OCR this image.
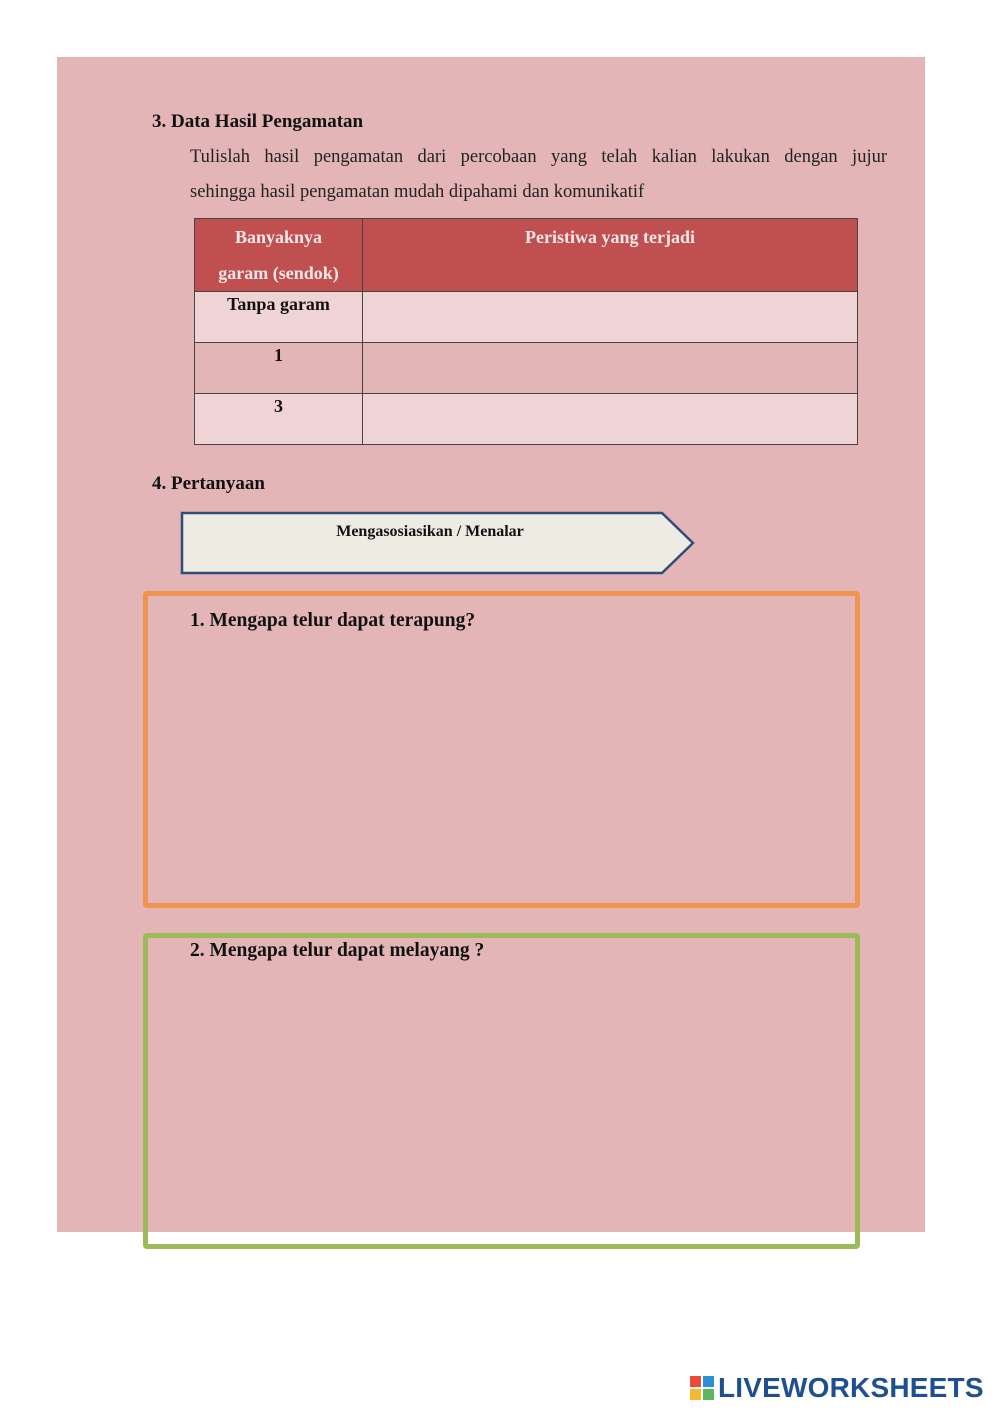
3. Data Hasil Pengamatan
Tulislah hasil pengamatan dari percobaan yang telah kalian lakukan dengan jujur
sehingga hasil pengamatan mudah dipahami dan komunikatif
Banyaknya
garam (sendok)	Peristiwa yang terjadi
Tanpa garam	
1	
3	
4. Pertanyaan
Mengasosiasikan / Menalar
1. Mengapa telur dapat terapung?
2. Mengapa telur dapat melayang ?
LIVEWORKSHEETS
